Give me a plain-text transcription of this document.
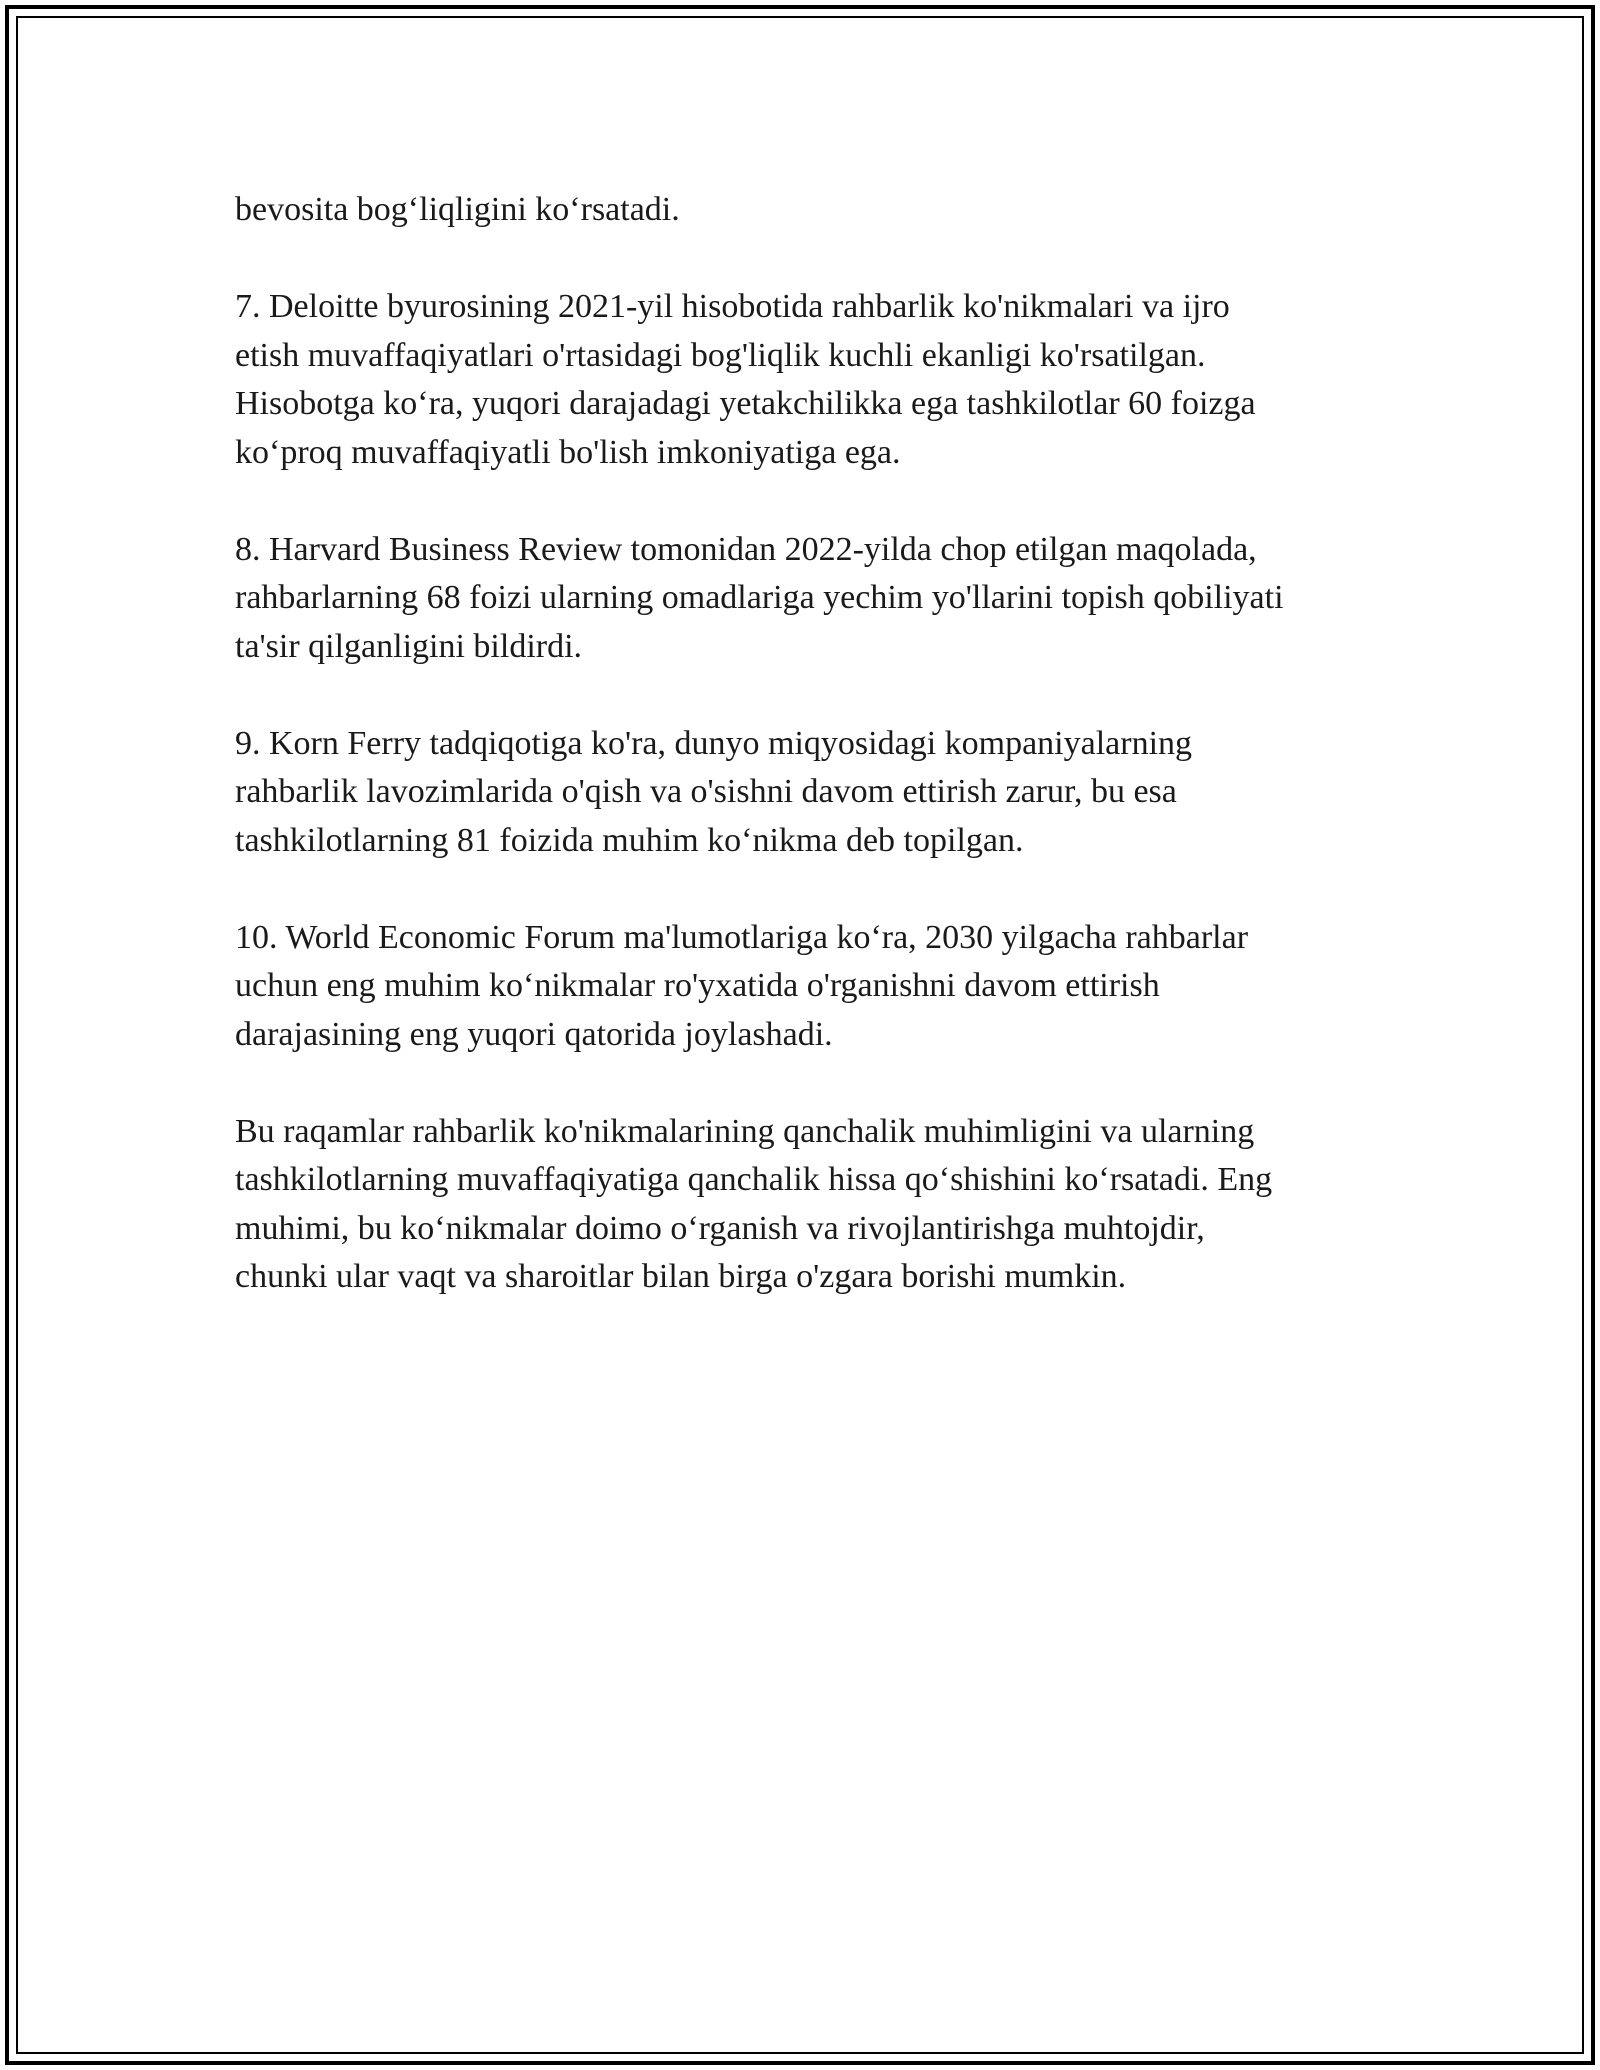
bevosita bog‘liqligini ko‘rsatadi.

7. Deloitte byurosining 2021-yil hisobotida rahbarlik ko'nikmalari va ijro
etish muvaffaqiyatlari o'rtasidagi bog'liqlik kuchli ekanligi ko'rsatilgan.
Hisobotga ko‘ra, yuqori darajadagi yetakchilikka ega tashkilotlar 60 foizga
ko‘proq muvaffaqiyatli bo'lish imkoniyatiga ega.

8. Harvard Business Review tomonidan 2022-yilda chop etilgan maqolada,
rahbarlarning 68 foizi ularning omadlariga yechim yo'llarini topish qobiliyati
ta'sir qilganligini bildirdi.

9. Korn Ferry tadqiqotiga ko'ra, dunyo miqyosidagi kompaniyalarning
rahbarlik lavozimlarida o'qish va o'sishni davom ettirish zarur, bu esa
tashkilotlarning 81 foizida muhim ko‘nikma deb topilgan.

10. World Economic Forum ma'lumotlariga ko‘ra, 2030 yilgacha rahbarlar
uchun eng muhim ko‘nikmalar ro'yxatida o'rganishni davom ettirish
darajasining eng yuqori qatorida joylashadi.

Bu raqamlar rahbarlik ko'nikmalarining qanchalik muhimligini va ularning
tashkilotlarning muvaffaqiyatiga qanchalik hissa qo‘shishini ko‘rsatadi. Eng
muhimi, bu ko‘nikmalar doimo o‘rganish va rivojlantirishga muhtojdir,
chunki ular vaqt va sharoitlar bilan birga o'zgara borishi mumkin.
